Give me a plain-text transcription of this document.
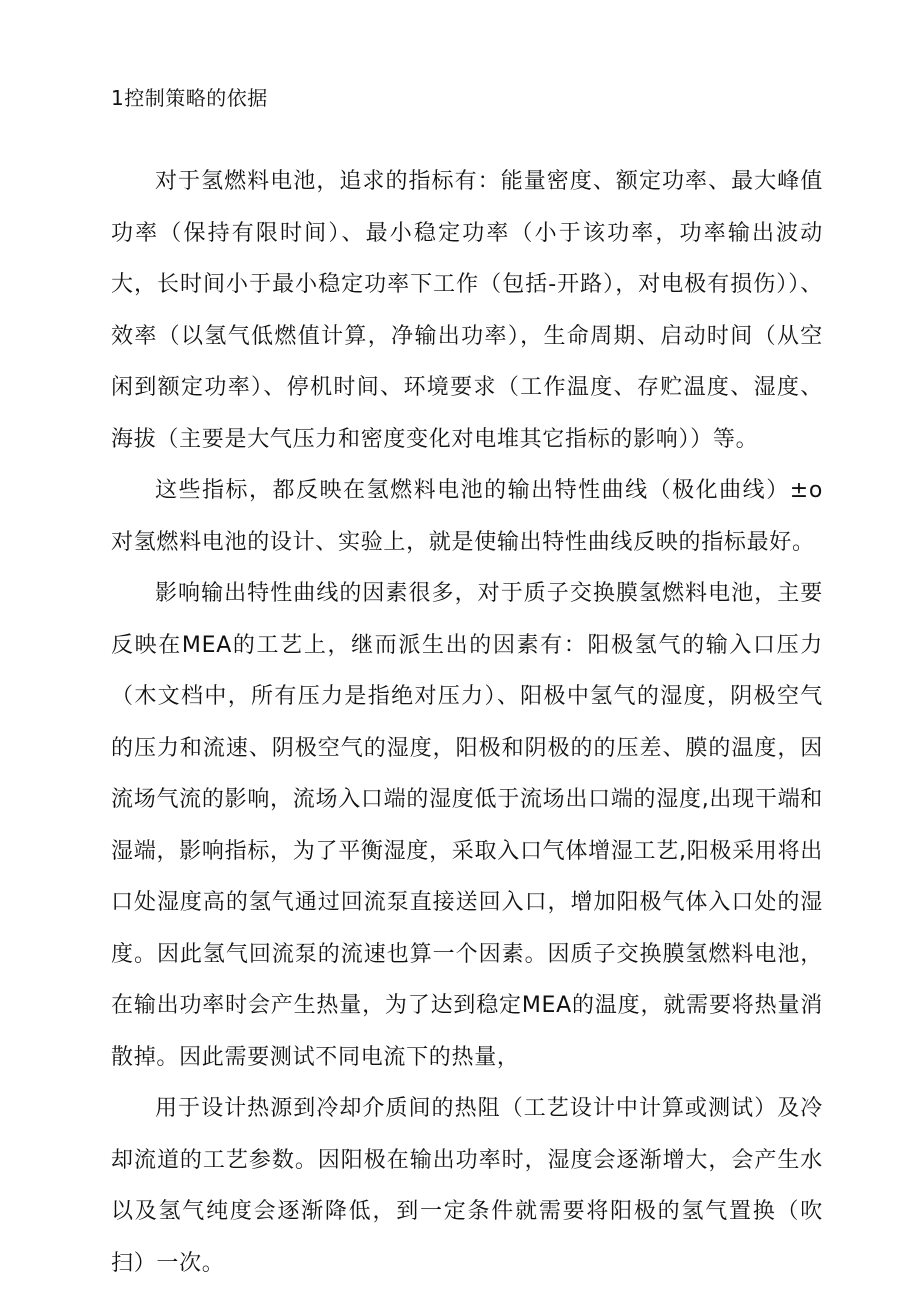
1控制策略的依据

对于氢燃料电池，追求的指标有：能量密度、额定功率、最大峰值功率（保持有限时间）、最小稳定功率（小于该功率，功率输出波动大，长时间小于最小稳定功率下工作（包括-开路），对电极有损伤））、效率（以氢气低燃值计算，净输出功率），生命周期、启动时间（从空闲到额定功率）、停机时间、环境要求（工作温度、存贮温度、湿度、海拔（主要是大气压力和密度变化对电堆其它指标的影响））等。

这些指标，都反映在氢燃料电池的输出特性曲线（极化曲线）±o对氢燃料电池的设计、实验上，就是使输出特性曲线反映的指标最好。

影响输出特性曲线的因素很多，对于质子交换膜氢燃料电池，主要反映在MEA的工艺上，继而派生出的因素有：阳极氢气的输入口压力（木文档中，所有压力是指绝对压力）、阳极中氢气的湿度，阴极空气的压力和流速、阴极空气的湿度，阳极和阴极的的压差、膜的温度，因流场气流的影响，流场入口端的湿度低于流场出口端的湿度,出现干端和湿端，影响指标，为了平衡湿度，采取入口气体增湿工艺,阳极采用将出口处湿度高的氢气通过回流泵直接送回入口，增加阳极气体入口处的湿度。因此氢气回流泵的流速也算一个因素。因质子交换膜氢燃料电池，在输出功率时会产生热量，为了达到稳定MEA的温度，就需要将热量消散掉。因此需要测试不同电流下的热量，

用于设计热源到冷却介质间的热阻（工艺设计中计算或测试）及冷却流道的工艺参数。因阳极在输出功率时，湿度会逐渐增大，会产生水以及氢气纯度会逐渐降低，到一定条件就需要将阳极的氢气置换（吹扫）一次。
